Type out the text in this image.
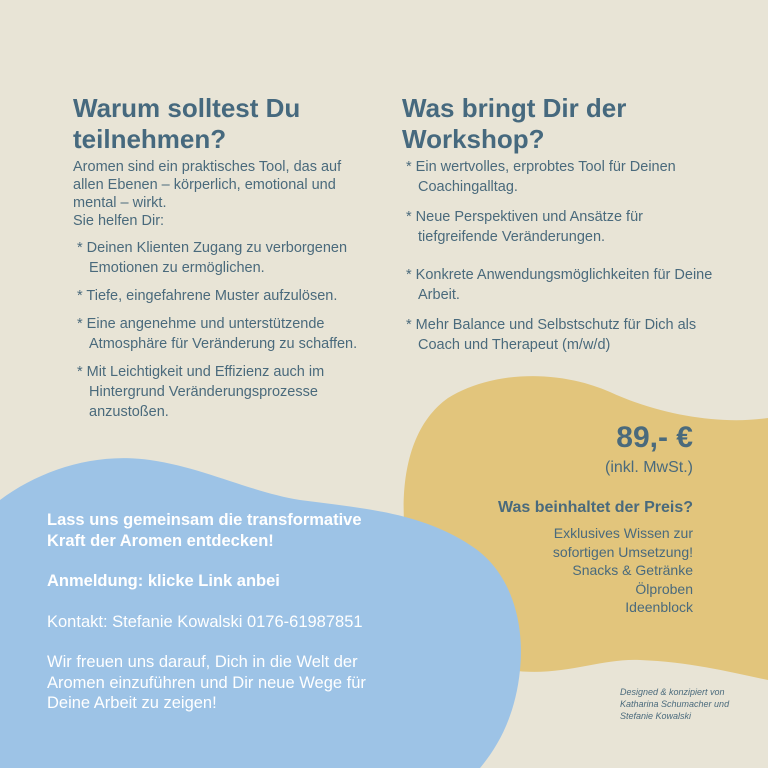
Warum solltest Du
teilnehmen?
Aromen sind ein praktisches Tool, das auf
allen Ebenen – körperlich, emotional und
mental – wirkt.
Sie helfen Dir:
* Deinen Klienten Zugang zu verborgenen Emotionen zu ermöglichen.
* Tiefe, eingefahrene Muster aufzulösen.
* Eine angenehme und unterstützende Atmosphäre für Veränderung zu schaffen.
* Mit Leichtigkeit und Effizienz auch im Hintergrund Veränderungsprozesse anzustoßen.
Was bringt Dir der
Workshop?
* Ein wertvolles, erprobtes Tool für Deinen Coachingalltag.
* Neue Perspektiven und Ansätze für tiefgreifende Veränderungen.
* Konkrete Anwendungsmöglichkeiten für Deine Arbeit.
* Mehr Balance und Selbstschutz für Dich als Coach und Therapeut (m/w/d)
89,- €
(inkl. MwSt.)
Was beinhaltet der Preis?
Exklusives Wissen zur
sofortigen Umsetzung!
Snacks & Getränke
Ölproben
Ideenblock

Lass uns gemeinsam die transformative
Kraft der Aromen entdecken!

Anmeldung: klicke Link anbei

Kontakt: Stefanie Kowalski 0176-61987851

Wir freuen uns darauf, Dich in die Welt der
Aromen einzuführen und Dir neue Wege für
Deine Arbeit zu zeigen!

Designed & konzipiert von
Katharina Schumacher und
Stefanie Kowalski
